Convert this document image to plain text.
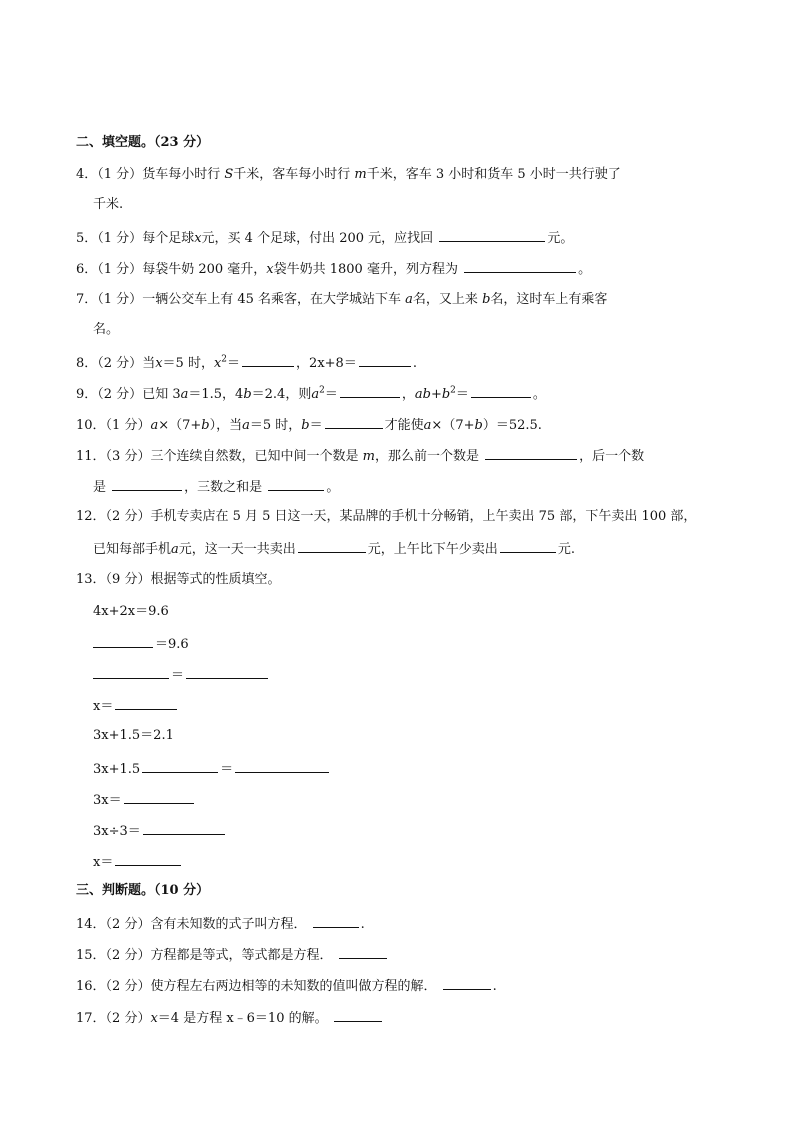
二、填空题。（23 分）
4．（1 分）货车每小时行 S千米，客车每小时行 m千米，客车 3 小时和货车 5 小时一共行驶了
千米.
5．（1 分）每个足球x元，买 4 个足球，付出 200 元，应找回	元。
6．（1 分）每袋牛奶 200 毫升，x袋牛奶共 1800 毫升，列方程为	。
7．（1 分）一辆公交车上有 45 名乘客，在大学城站下车 a名，又上来 b名，这时车上有乘客
名。
8．（2 分）当x＝5 时，$x^2=$	，2x+8＝	.
9．（2 分）已知 3a＝1.5，4b＝2.4，则$a^2=$	，$ab+b^2=$	。
10．（1 分）a×（7+b），当a＝5 时，b＝	才能使a×（7+b）＝52.5.
11．（3 分）三个连续自然数，已知中间一个数是 m，那么前一个数是	，后一个数
是	，三数之和是	。
12．（2 分）手机专卖店在 5 月 5 日这一天，某品牌的手机十分畅销，上午卖出 75 部，下午卖出 100 部，
已知每部手机a元，这一天一共卖出	元，上午比下午少卖出	元.
13．（9 分）根据等式的性质填空。
4x+2x＝9.6
＝9.6
＝
x＝
3x+1.5＝2.1
3x+1.5	＝
3x＝
3x÷3＝
x＝
三、判断题。（10 分）
14．（2 分）含有未知数的式子叫方程．	.
15．（2 分）方程都是等式，等式都是方程．
16．（2 分）使方程左右两边相等的未知数的值叫做方程的解．	.
17．（2 分）x＝4 是方程 x﹣6＝10 的解。
